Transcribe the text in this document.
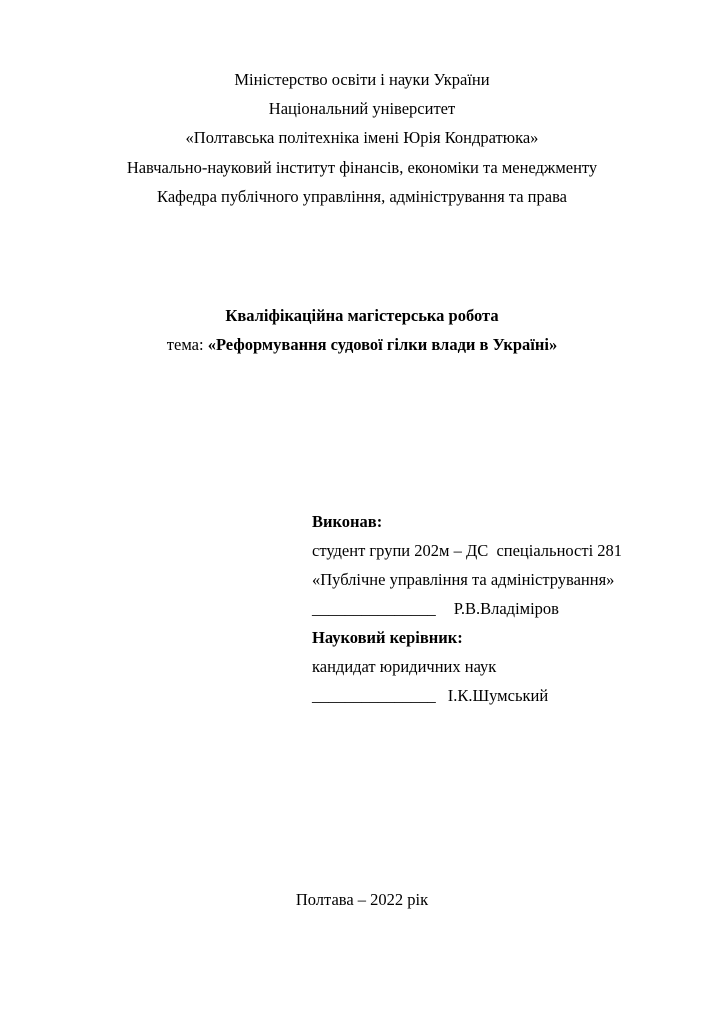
Міністерство освіти і науки України
Національний університет
«Полтавська політехніка імені Юрія Кондратюка»
Навчально-науковий інститут фінансів, економіки та менеджменту
Кафедра публічного управління, адміністрування та права
Кваліфікаційна магістерська робота
тема: «Реформування судової гілки влади в Україні»
Виконав:
студент групи 202м – ДС  спеціальності 281
«Публічне управління та адміністрування»
_______________ Р.В.Владіміров
Науковий керівник:
кандидат юридичних наук
_______________ І.К.Шумський
Полтава – 2022 рік
